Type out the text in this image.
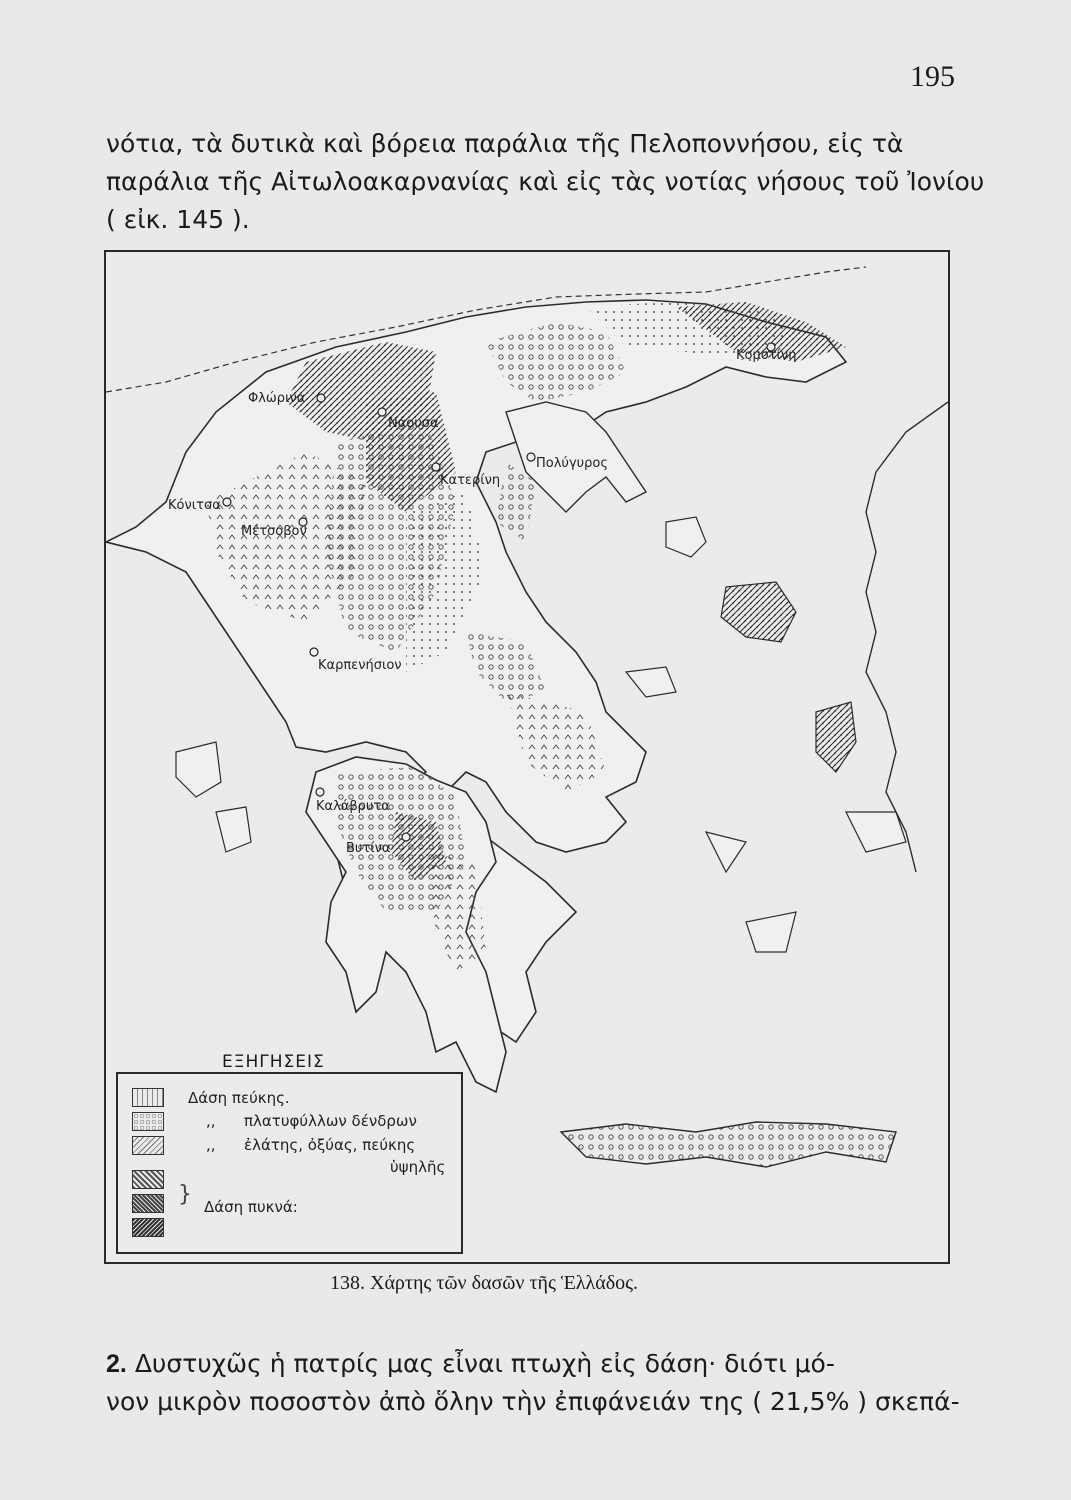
195
νότια, τὰ δυτικὰ καὶ βόρεια παράλια τῆς Πελοποννήσου, εἰς τὰ
παράλια τῆς Αἰτωλοακαρνανίας καὶ εἰς τὰς νοτίας νήσους τοῦ Ἰονίου
( εἰκ. 145 ).
Κομοτίνη
Φλώρινα
Νάουσα
Πολύγυρος
Κατερίνη
Κόνιτσα
Μέτσοβον
Καρπενήσιον
Καλάβρυτα
Βυτίνα
ΕΞΗΓΗΣΕΙΣ
Δάση πεύκης.
,, πλατυφύλλων δένδρων
,, ἐλάτης, ὀξύας, πεύκης
ὑψηλῆς
} Δάση πυκνά:
138. Χάρτης τῶν δασῶν τῆς Ἑλλάδος.
2. Δυστυχῶς ἡ πατρίς μας εἶναι πτωχὴ εἰς δάση· διότι μό-
νον μικρὸν ποσοστὸν ἀπὸ ὅλην τὴν ἐπιφάνειάν της ( 21,5% ) σκεπά-
